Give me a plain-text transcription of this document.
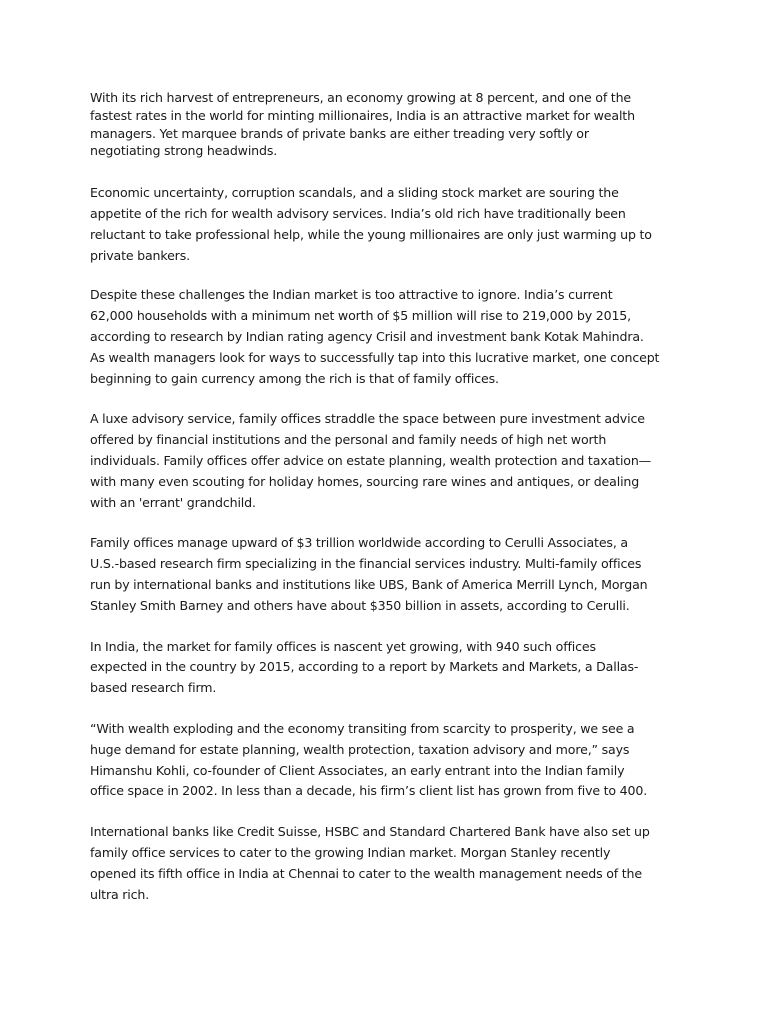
With its rich harvest of entrepreneurs, an economy growing at 8 percent, and one of the
fastest rates in the world for minting millionaires, India is an attractive market for wealth
managers. Yet marquee brands of private banks are either treading very softly or
negotiating strong headwinds.

Economic uncertainty, corruption scandals, and a sliding stock market are souring the
appetite of the rich for wealth advisory services. India’s old rich have traditionally been
reluctant to take professional help, while the young millionaires are only just warming up to
private bankers.

Despite these challenges the Indian market is too attractive to ignore. India’s current
62,000 households with a minimum net worth of $5 million will rise to 219,000 by 2015,
according to research by Indian rating agency Crisil and investment bank Kotak Mahindra.
As wealth managers look for ways to successfully tap into this lucrative market, one concept
beginning to gain currency among the rich is that of family offices.

A luxe advisory service, family offices straddle the space between pure investment advice
offered by financial institutions and the personal and family needs of high net worth
individuals. Family offices offer advice on estate planning, wealth protection and taxation—
with many even scouting for holiday homes, sourcing rare wines and antiques, or dealing
with an 'errant' grandchild.

Family offices manage upward of $3 trillion worldwide according to Cerulli Associates, a
U.S.-based research firm specializing in the financial services industry. Multi-family offices
run by international banks and institutions like UBS, Bank of America Merrill Lynch, Morgan
Stanley Smith Barney and others have about $350 billion in assets, according to Cerulli.

In India, the market for family offices is nascent yet growing, with 940 such offices
expected in the country by 2015, according to a report by Markets and Markets, a Dallas-
based research firm.

“With wealth exploding and the economy transiting from scarcity to prosperity, we see a
huge demand for estate planning, wealth protection, taxation advisory and more,” says
Himanshu Kohli, co-founder of Client Associates, an early entrant into the Indian family
office space in 2002. In less than a decade, his firm’s client list has grown from five to 400.

International banks like Credit Suisse, HSBC and Standard Chartered Bank have also set up
family office services to cater to the growing Indian market. Morgan Stanley recently
opened its fifth office in India at Chennai to cater to the wealth management needs of the
ultra rich.
